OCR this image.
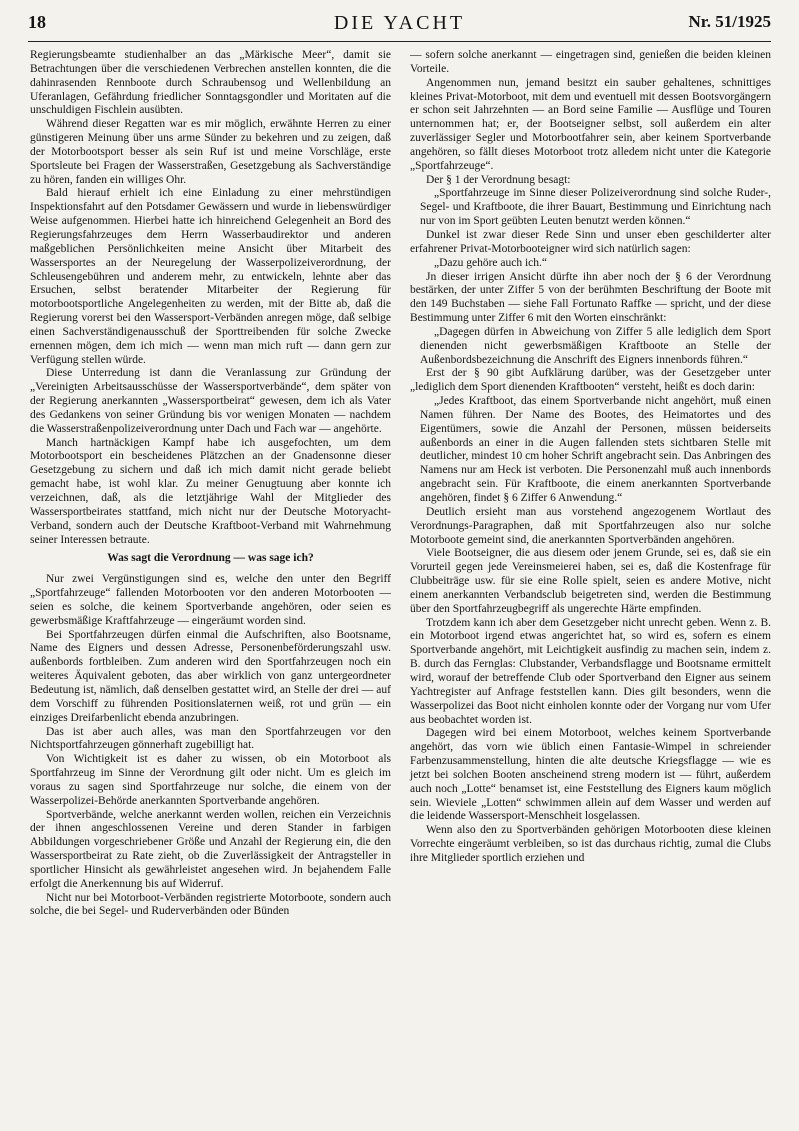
18	DIE YACHT	Nr. 51/1925

Regierungsbeamte studienhalber an das „Märkische Meer“, damit sie Betrachtungen über die verschiedenen Verbrechen anstellen konnten, die die dahinrasenden Rennboote durch Schraubensog und Wellenbildung an Uferanlagen, Gefährdung friedlicher Sonntagsgondler und Moritaten auf die unschuldigen Fischlein ausübten.

Während dieser Regatten war es mir möglich, erwähnte Herren zu einer günstigeren Meinung über uns arme Sünder zu bekehren und zu zeigen, daß der Motorbootsport besser als sein Ruf ist und meine Vorschläge, erste Sportsleute bei Fragen der Wasserstraßen, Gesetzgebung als Sachverständige zu hören, fanden ein williges Ohr.

Bald hierauf erhielt ich eine Einladung zu einer mehrstündigen Inspektionsfahrt auf den Potsdamer Gewässern und wurde in liebenswürdiger Weise aufgenommen. Hierbei hatte ich hinreichend Gelegenheit an Bord des Regierungsfahrzeuges dem Herrn Wasserbaudirektor und anderen maßgeblichen Persönlichkeiten meine Ansicht über Mitarbeit des Wassersportes an der Neuregelung der Wasserpolizeiverordnung, der Schleusengebühren und anderem mehr, zu entwickeln, lehnte aber das Ersuchen, selbst beratender Mitarbeiter der Regierung für motorbootsportliche Angelegenheiten zu werden, mit der Bitte ab, daß die Regierung vorerst bei den Wassersport-Verbänden anregen möge, daß selbige einen Sachverständigenausschuß der Sporttreibenden für solche Zwecke ernennen mögen, dem ich mich — wenn man mich ruft — dann gern zur Verfügung stellen würde.

Diese Unterredung ist dann die Veranlassung zur Gründung der „Vereinigten Arbeitsausschüsse der Wassersportverbände“, dem später von der Regierung anerkannten „Wassersportbeirat“ gewesen, dem ich als Vater des Gedankens von seiner Gründung bis vor wenigen Monaten — nachdem die Wasserstraßenpolizeiverordnung unter Dach und Fach war — angehörte.

Manch hartnäckigen Kampf habe ich ausgefochten, um dem Motorbootsport ein bescheidenes Plätzchen an der Gnadensonne dieser Gesetzgebung zu sichern und daß ich mich damit nicht gerade beliebt gemacht habe, ist wohl klar. Zu meiner Genugtuung aber konnte ich verzeichnen, daß, als die letztjährige Wahl der Mitglieder des Wassersportbeirates stattfand, mich nicht nur der Deutsche Motoryacht-Verband, sondern auch der Deutsche Kraftboot-Verband mit Wahrnehmung seiner Interessen betraute.

Was sagt die Verordnung — was sage ich?

Nur zwei Vergünstigungen sind es, welche den unter den Begriff „Sportfahrzeuge“ fallenden Motorbooten vor den anderen Motorbooten — seien es solche, die keinem Sportverbande angehören, oder seien es gewerbsmäßige Kraftfahrzeuge — eingeräumt worden sind.

Bei Sportfahrzeugen dürfen einmal die Aufschriften, also Bootsname, Name des Eigners und dessen Adresse, Personenbeförderungszahl usw. außenbords fortbleiben. Zum anderen wird den Sportfahrzeugen noch ein weiteres Äquivalent geboten, das aber wirklich von ganz untergeordneter Bedeutung ist, nämlich, daß denselben gestattet wird, an Stelle der drei — auf dem Vorschiff zu führenden Positionslaternen weiß, rot und grün — ein einziges Dreifarbenlicht ebenda anzubringen.

Das ist aber auch alles, was man den Sportfahrzeugen vor den Nichtsportfahrzeugen gönnerhaft zugebilligt hat.

Von Wichtigkeit ist es daher zu wissen, ob ein Motorboot als Sportfahrzeug im Sinne der Verordnung gilt oder nicht. Um es gleich im voraus zu sagen sind Sportfahrzeuge nur solche, die einem von der Wasserpolizei-Behörde anerkannten Sportverbande angehören.

Sportverbände, welche anerkannt werden wollen, reichen ein Verzeichnis der ihnen angeschlossenen Vereine und deren Stander in farbigen Abbildungen vorgeschriebener Größe und Anzahl der Regierung ein, die den Wassersportbeirat zu Rate zieht, ob die Zuverlässigkeit der Antragsteller in sportlicher Hinsicht als gewährleistet angesehen wird. Jn bejahendem Falle erfolgt die Anerkennung bis auf Widerruf.

Nicht nur bei Motorboot-Verbänden registrierte Motorboote, sondern auch solche, die bei Segel- und Ruderverbänden oder Bünden

— sofern solche anerkannt — eingetragen sind, genießen die beiden kleinen Vorteile.

Angenommen nun, jemand besitzt ein sauber gehaltenes, schnittiges kleines Privat-Motorboot, mit dem und eventuell mit dessen Bootsvorgängern er schon seit Jahrzehnten — an Bord seine Familie — Ausflüge und Touren unternommen hat; er, der Bootseigner selbst, soll außerdem ein alter zuverlässiger Segler und Motorbootfahrer sein, aber keinem Sportverbande angehören, so fällt dieses Motorboot trotz alledem nicht unter die Kategorie „Sportfahrzeuge“.

Der § 1 der Verordnung besagt:

„Sportfahrzeuge im Sinne dieser Polizeiverordnung sind solche Ruder-, Segel- und Kraftboote, die ihrer Bauart, Bestimmung und Einrichtung nach nur von im Sport geübten Leuten benutzt werden können.“

Dunkel ist zwar dieser Rede Sinn und unser eben geschilderter alter erfahrener Privat-Motorbooteigner wird sich natürlich sagen:

„Dazu gehöre auch ich.“

Jn dieser irrigen Ansicht dürfte ihn aber noch der § 6 der Verordnung bestärken, der unter Ziffer 5 von der berühmten Beschriftung der Boote mit den 149 Buchstaben — siehe Fall Fortunato Raffke — spricht, und der diese Bestimmung unter Ziffer 6 mit den Worten einschränkt:

„Dagegen dürfen in Abweichung von Ziffer 5 alle lediglich dem Sport dienenden nicht gewerbsmäßigen Kraftboote an Stelle der Außenbordsbezeichnung die Anschrift des Eigners innenbords führen.“

Erst der § 90 gibt Aufklärung darüber, was der Gesetzgeber unter „lediglich dem Sport dienenden Kraftbooten“ versteht, heißt es doch darin:

„Jedes Kraftboot, das einem Sportverbande nicht angehört, muß einen Namen führen. Der Name des Bootes, des Heimatortes und des Eigentümers, sowie die Anzahl der Personen, müssen beiderseits außenbords an einer in die Augen fallenden stets sichtbaren Stelle mit deutlicher, mindest 10 cm hoher Schrift angebracht sein. Das Anbringen des Namens nur am Heck ist verboten. Die Personenzahl muß auch innenbords angebracht sein. Für Kraftboote, die einem anerkannten Sportverbande angehören, findet § 6 Ziffer 6 Anwendung.“

Deutlich ersieht man aus vorstehend angezogenem Wortlaut des Verordnungs-Paragraphen, daß mit Sportfahrzeugen also nur solche Motorboote gemeint sind, die anerkannten Sportverbänden angehören.

Viele Bootseigner, die aus diesem oder jenem Grunde, sei es, daß sie ein Vorurteil gegen jede Vereinsmeierei haben, sei es, daß die Kostenfrage für Clubbeiträge usw. für sie eine Rolle spielt, seien es andere Motive, nicht einem anerkannten Verbandsclub beigetreten sind, werden die Bestimmung über den Sportfahrzeugbegriff als ungerechte Härte empfinden.

Trotzdem kann ich aber dem Gesetzgeber nicht unrecht geben. Wenn z. B. ein Motorboot irgend etwas angerichtet hat, so wird es, sofern es einem Sportverbande angehört, mit Leichtigkeit ausfindig zu machen sein, indem z. B. durch das Fernglas: Clubstander, Verbandsflagge und Bootsname ermittelt wird, worauf der betreffende Club oder Sportverband den Eigner aus seinem Yachtregister auf Anfrage feststellen kann. Dies gilt besonders, wenn die Wasserpolizei das Boot nicht einholen konnte oder der Vorgang nur vom Ufer aus beobachtet worden ist.

Dagegen wird bei einem Motorboot, welches keinem Sportverbande angehört, das vorn wie üblich einen Fantasie-Wimpel in schreiender Farbenzusammenstellung, hinten die alte deutsche Kriegsflagge — wie es jetzt bei solchen Booten anscheinend streng modern ist — führt, außerdem auch noch „Lotte“ benamset ist, eine Feststellung des Eigners kaum möglich sein. Wieviele „Lotten“ schwimmen allein auf dem Wasser und werden auf die leidende Wassersport-Menschheit losgelassen.

Wenn also den zu Sportverbänden gehörigen Motorbooten diese kleinen Vorrechte eingeräumt verbleiben, so ist das durchaus richtig, zumal die Clubs ihre Mitglieder sportlich erziehen und
